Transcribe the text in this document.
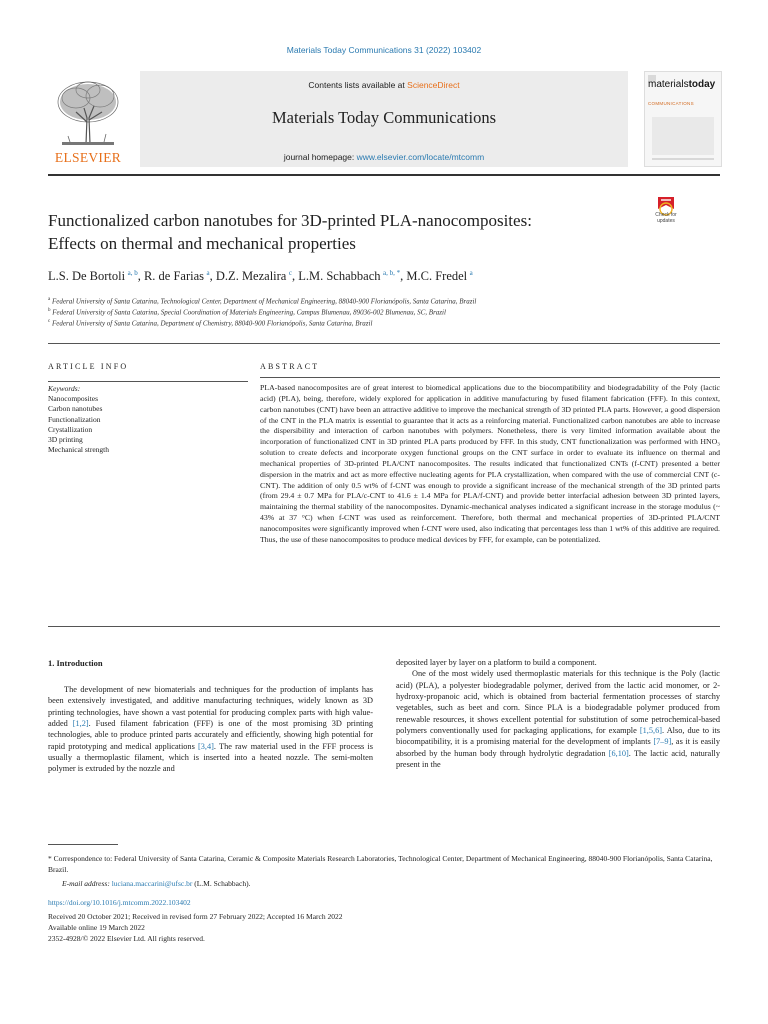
Materials Today Communications 31 (2022) 103402
Contents lists available at ScienceDirect
Materials Today Communications
journal homepage: www.elsevier.com/locate/mtcomm
ELSEVIER
materialstoday
COMMUNICATIONS
Functionalized carbon nanotubes for 3D-printed PLA-nanocomposites:
Effects on thermal and mechanical properties
Check for updates
L.S. De Bortoli  $^{a, b}$, R. de Farias  $^a$, D.Z. Mezalira  $^c$, L.M. Schabbach  $^{a, b, *}$, M.C. Fredel  $^a$
$^a$ Federal University of Santa Catarina, Technological Center, Department of Mechanical Engineering, 88040-900 Florianópolis, Santa Catarina, Brazil
$^b$ Federal University of Santa Catarina, Special Coordination of Materials Engineering, Campus Blumenau, 89036-002 Blumenau, SC, Brazil
$^c$ Federal University of Santa Catarina, Department of Chemistry, 88040-900 Florianópolis, Santa Catarina, Brazil
ARTICLE INFO
Keywords:
Nanocomposites
Carbon nanotubes
Functionalization
Crystallization
3D printing
Mechanical strength
ABSTRACT
PLA-based nanocomposites are of great interest to biomedical applications due to the biocompatibility and biodegradability of the Poly (lactic acid) (PLA), being, therefore, widely explored for application in additive manufacturing by fused filament fabrication (FFF). In this context, carbon nanotubes (CNT) have been an attractive additive to improve the mechanical strength of 3D printed PLA parts. However, a good dispersion of the CNT in the PLA matrix is essential to guarantee that it acts as a reinforcing material. Functionalized carbon nanotubes are able to increase the dispersibility and interaction of carbon nanotubes with polymers. Nonetheless, there is very limited information available about the incorporation of functionalized CNT in 3D printed PLA parts produced by FFF. In this study, CNT functionalization was performed with HNO₃ solution to create defects and incorporate oxygen functional groups on the CNT surface in order to evaluate its influence on thermal and mechanical properties of 3D-printed PLA/CNT nanocomposites. The results indicated that functionalized CNTs (f-CNT) presented a better dispersion in the matrix and act as more effective nucleating agents for PLA crystallization, when compared with the use of commercial CNT (c-CNT). The addition of only 0.5 wt% of f-CNT was enough to provide a significant increase of the mechanical strength of the 3D printed parts (from 29.4 ± 0.7 MPa for PLA/c-CNT to 41.6 ± 1.4 MPa for PLA/f-CNT) and provide better interfacial adhesion between 3D printed layers, maintaining the thermal stability of the nanocomposites. Dynamic-mechanical analyses indicated a significant increase in the storage modulus (~ 43% at 37 °C) when f-CNT was used as reinforcement. Therefore, both thermal and mechanical properties of 3D-printed PLA/CNT nanocomposites were significantly improved when f-CNT were used, also indicating that percentages less than 1 wt% of this additive are required. Thus, the use of these nanocomposites to produce medical devices by FFF, for example, can be potentialized.
1. Introduction
The development of new biomaterials and techniques for the production of implants has been extensively investigated, and additive manufacturing techniques, widely known as 3D printing technologies, have shown a vast potential for producing complex parts with high value-added [1,2]. Fused filament fabrication (FFF) is one of the most promising 3D printing technologies, able to produce printed parts accurately and efficiently, showing high potential for rapid prototyping and medical applications [3,4]. The raw material used in the FFF process is usually a thermoplastic filament, which is inserted into a heated nozzle. The semi-molten polymer is extruded by the nozzle and
deposited layer by layer on a platform to build a component.
One of the most widely used thermoplastic materials for this technique is the Poly (lactic acid) (PLA), a polyester biodegradable polymer, derived from the lactic acid monomer, or 2-hydroxy-propanoic acid, which is obtained from bacterial fermentation processes of starchy vegetables, such as beet and corn. Since PLA is a biodegradable polymer produced from renewable resources, it shows excellent potential for substitution of some petrochemical-based polymers conventionally used for packaging applications, for example [1,5,6]. Also, due to its biocompatibility, it is a promising material for the development of implants [7–9], as it is easily absorbed by the human body through hydrolytic degradation [6,10]. The lactic acid, naturally present in the
* Correspondence to: Federal University of Santa Catarina, Ceramic & Composite Materials Research Laboratories, Technological Center, Department of Mechanical Engineering, 88040-900 Florianópolis, Santa Catarina, Brazil.
E-mail address: luciana.maccarini@ufsc.br (L.M. Schabbach).
https://doi.org/10.1016/j.mtcomm.2022.103402
Received 20 October 2021; Received in revised form 27 February 2022; Accepted 16 March 2022
Available online 19 March 2022
2352-4928/© 2022 Elsevier Ltd. All rights reserved.
